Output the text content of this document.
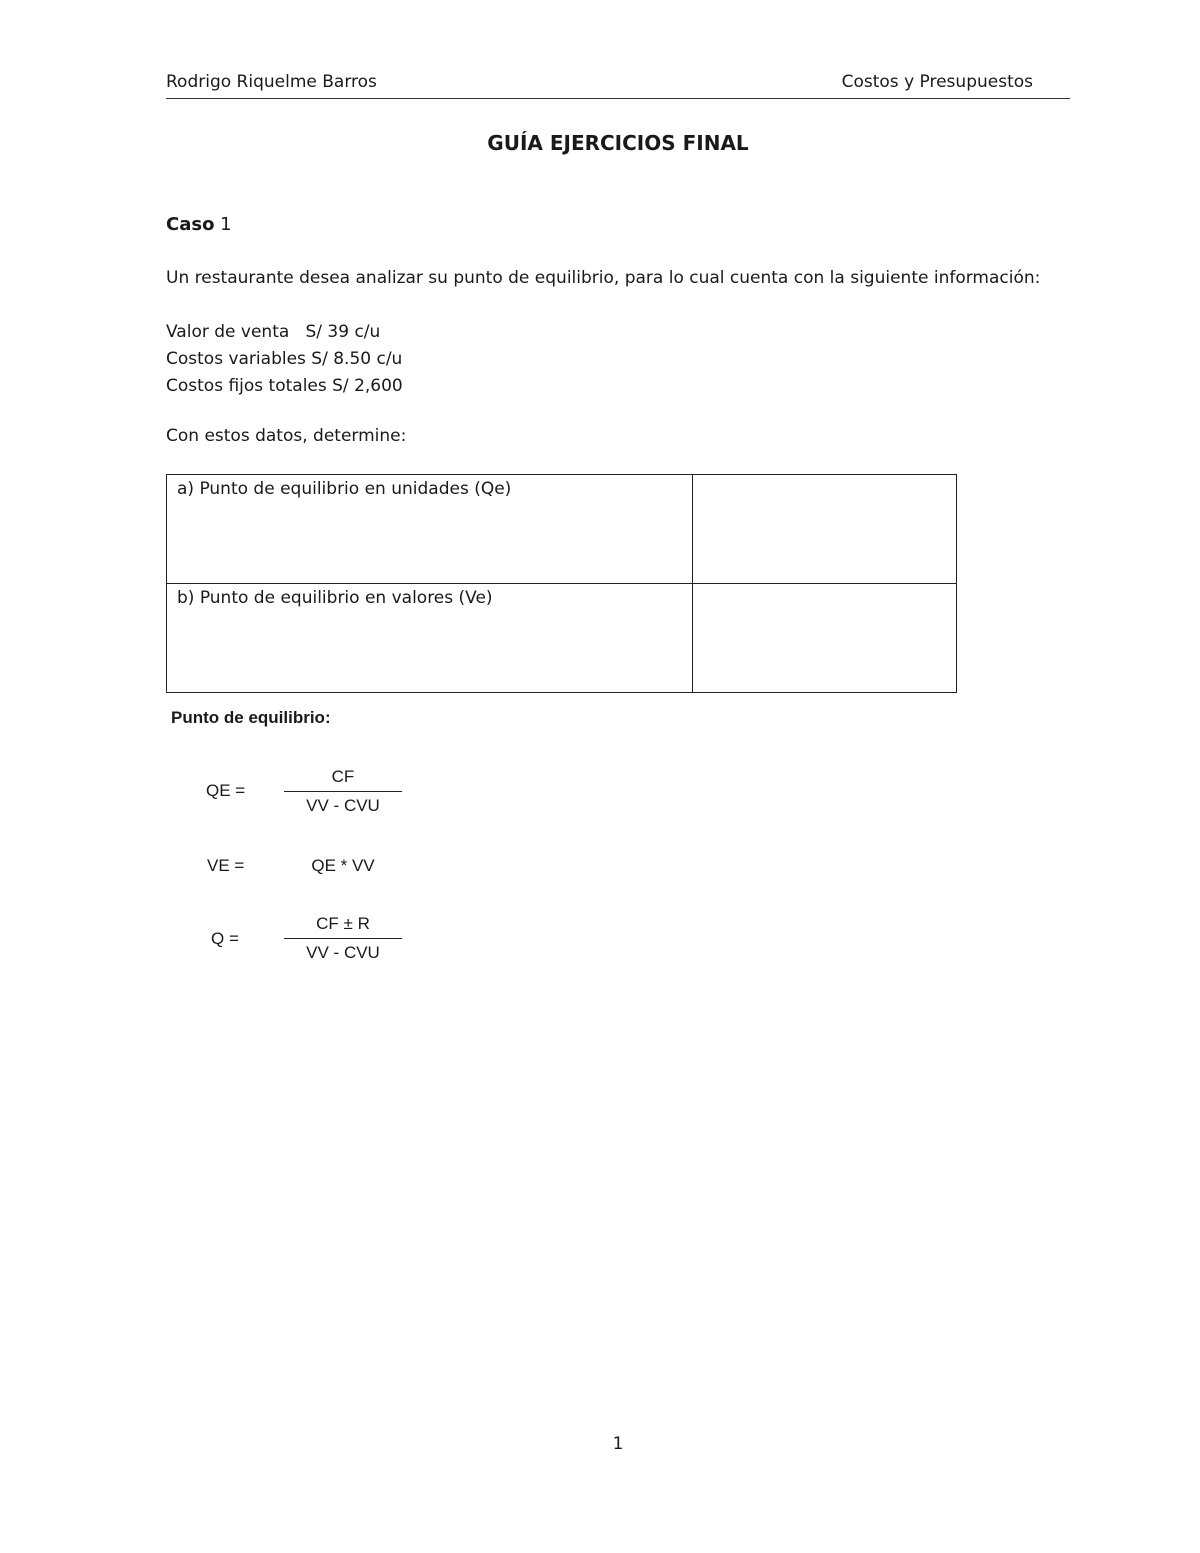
Rodrigo Riquelme Barros	Costos y Presupuestos
GUÍA EJERCICIOS FINAL
Caso 1
Un restaurante desea analizar su punto de equilibrio, para lo cual cuenta con la siguiente información:
Valor de venta   S/ 39 c/u
Costos variables S/ 8.50 c/u
Costos fijos totales S/ 2,600
Con estos datos, determine:
a) Punto de equilibrio en unidades (Qe)	
b) Punto de equilibrio en valores (Ve)	
Punto de equilibrio:
QE =
CF
VV - CVU
VE =	QE * VV
Q =
CF ± R
VV - CVU
1
